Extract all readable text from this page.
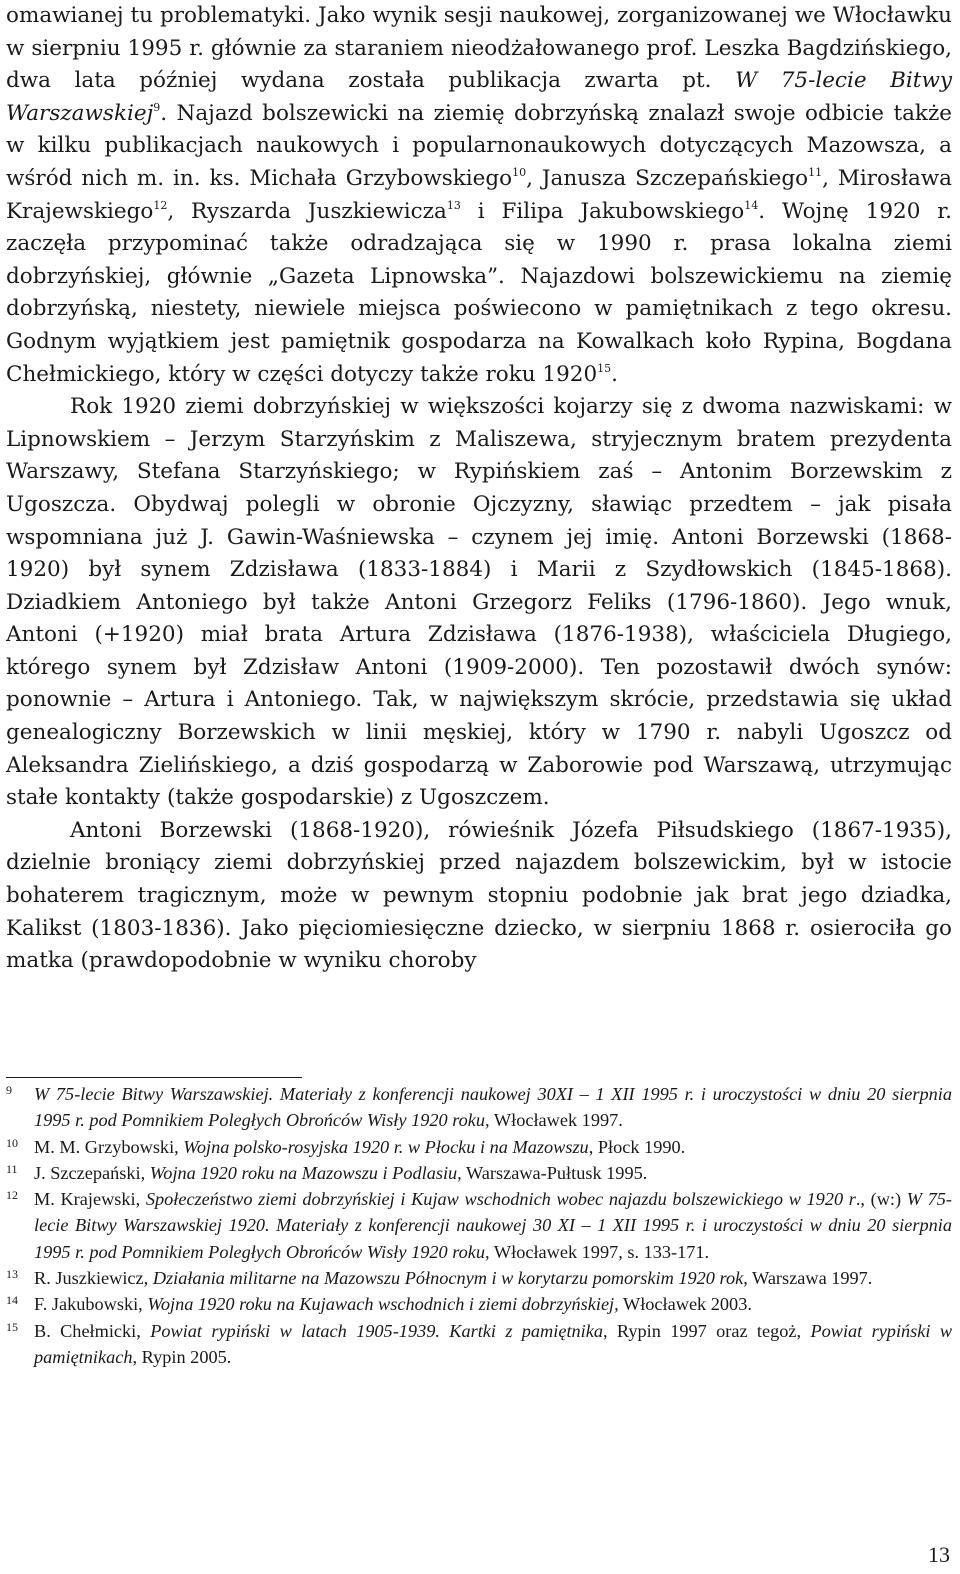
omawianej tu problematyki. Jako wynik sesji naukowej, zorganizowanej we Włocławku w sierpniu 1995 r. głównie za staraniem nieodżałowanego prof. Leszka Bagdzińskiego, dwa lata później wydana została publikacja zwarta pt. W 75-lecie Bitwy Warszawskiej$^9$. Najazd bolszewicki na ziemię dobrzyńską znalazł swoje odbicie także w kilku publikacjach naukowych i popularnonaukowych dotyczących Mazowsza, a wśród nich m. in. ks. Michała Grzybowskiego$^{10}$, Janusza Szczepańskiego$^{11}$, Mirosława Krajewskiego$^{12}$, Ryszarda Juszkiewicza$^{13}$ i Filipa Jakubowskiego$^{14}$. Wojnę 1920 r. zaczęła przypominać także odradzająca się w 1990 r. prasa lokalna ziemi dobrzyńskiej, głównie „Gazeta Lipnowska”. Najazdowi bolszewickiemu na ziemię dobrzyńską, niestety, niewiele miejsca poświecono w pamiętnikach z tego okresu. Godnym wyjątkiem jest pamiętnik gospodarza na Kowalkach koło Rypina, Bogdana Chełmickiego, który w części dotyczy także roku 1920$^{15}$.

Rok 1920 ziemi dobrzyńskiej w większości kojarzy się z dwoma nazwiskami: w Lipnowskiem – Jerzym Starzyńskim z Maliszewa, stryjecznym bratem prezydenta Warszawy, Stefana Starzyńskiego; w Rypińskiem zaś – Antonim Borzewskim z Ugoszcza. Obydwaj polegli w obronie Ojczyzny, sławiąc przedtem – jak pisała wspomniana już J. Gawin-Waśniewska – czynem jej imię. Antoni Borzewski (1868-1920) był synem Zdzisława (1833-1884) i Marii z Szydłowskich (1845-1868). Dziadkiem Antoniego był także Antoni Grzegorz Feliks (1796-1860). Jego wnuk, Antoni (+1920) miał brata Artura Zdzisława (1876-1938), właściciela Długiego, którego synem był Zdzisław Antoni (1909-2000). Ten pozostawił dwóch synów: ponownie – Artura i Antoniego. Tak, w największym skrócie, przedstawia się układ genealogiczny Borzewskich w linii męskiej, który w 1790 r. nabyli Ugoszcz od Aleksandra Zielińskiego, a dziś gospodarzą w Zaborowie pod Warszawą, utrzymując stałe kontakty (także gospodarskie) z Ugoszczem.

Antoni Borzewski (1868-1920), rówieśnik Józefa Piłsudskiego (1867-1935), dzielnie broniący ziemi dobrzyńskiej przed najazdem bolszewickim, był w istocie bohaterem tragicznym, może w pewnym stopniu podobnie jak brat jego dziadka, Kalikst (1803-1836). Jako pięciomiesięczne dziecko, w sierpniu 1868 r. osierociła go matka (prawdopodobnie w wyniku choroby

9 W 75-lecie Bitwy Warszawskiej. Materiały z konferencji naukowej 30XI – 1 XII 1995 r. i uroczystości w dniu 20 sierpnia 1995 r. pod Pomnikiem Poległych Obrońców Wisły 1920 roku, Włocławek 1997.
10 M. M. Grzybowski, Wojna polsko-rosyjska 1920 r. w Płocku i na Mazowszu, Płock 1990.
11 J. Szczepański, Wojna 1920 roku na Mazowszu i Podlasiu, Warszawa-Pułtusk 1995.
12 M. Krajewski, Społeczeństwo ziemi dobrzyńskiej i Kujaw wschodnich wobec najazdu bolszewickiego w 1920 r., (w:) W 75-lecie Bitwy Warszawskiej 1920. Materiały z konferencji naukowej 30 XI – 1 XII 1995 r. i uroczystości w dniu 20 sierpnia 1995 r. pod Pomnikiem Poległych Obrońców Wisły 1920 roku, Włocławek 1997, s. 133-171.
13 R. Juszkiewicz, Działania militarne na Mazowszu Północnym i w korytarzu pomorskim 1920 rok, Warszawa 1997.
14 F. Jakubowski, Wojna 1920 roku na Kujawach wschodnich i ziemi dobrzyńskiej, Włocławek 2003.
15 B. Chełmicki, Powiat rypiński w latach 1905-1939. Kartki z pamiętnika, Rypin 1997 oraz tegoż, Powiat rypiński w pamiętnikach, Rypin 2005.
13
